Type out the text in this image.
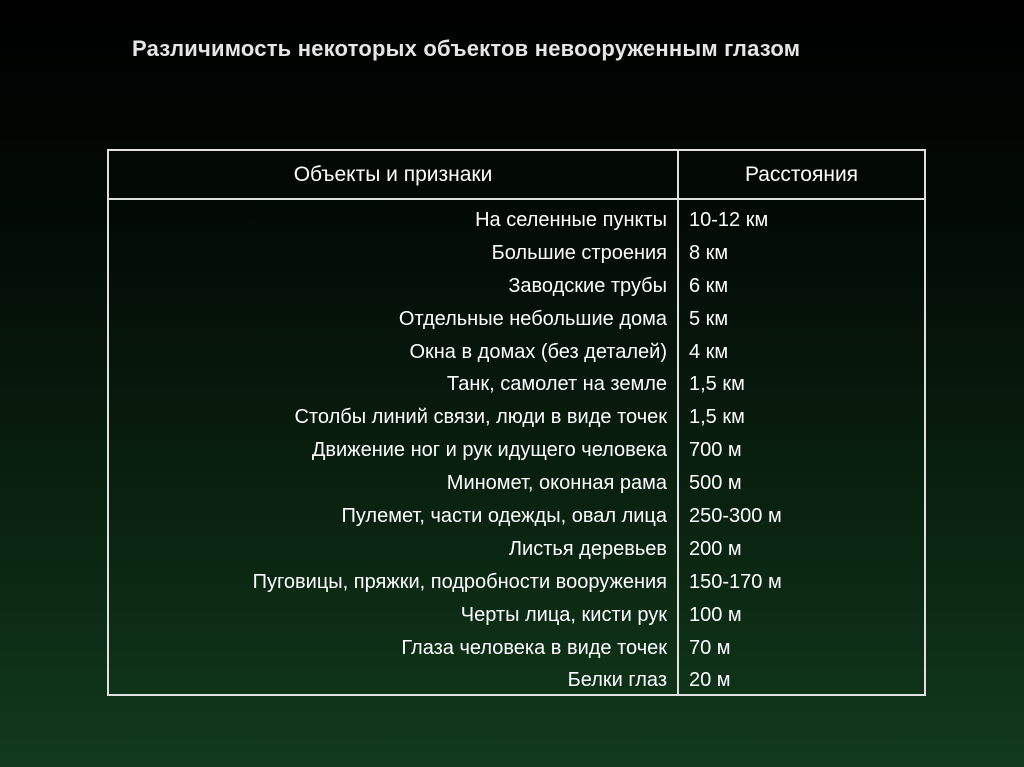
Различимость некоторых объектов невооруженным глазом
Объекты и признаки	Расстояния
На селенные пункты
Большие строения
Заводские трубы
Отдельные небольшие дома
Окна в домах (без деталей)
Танк, самолет на земле
Столбы линий связи, люди в виде точек
Движение ног и рук идущего человека
Миномет, оконная рама
Пулемет, части одежды, овал лица
Листья деревьев
Пуговицы, пряжки, подробности вооружения
Черты лица, кисти рук
Глаза человека в виде точек
Белки глаз
10-12 км
8 км
6 км
5 км
4 км
1,5 км
1,5 км
700 м
500 м
250-300 м
200 м
150-170 м
100 м
70 м
20 м
